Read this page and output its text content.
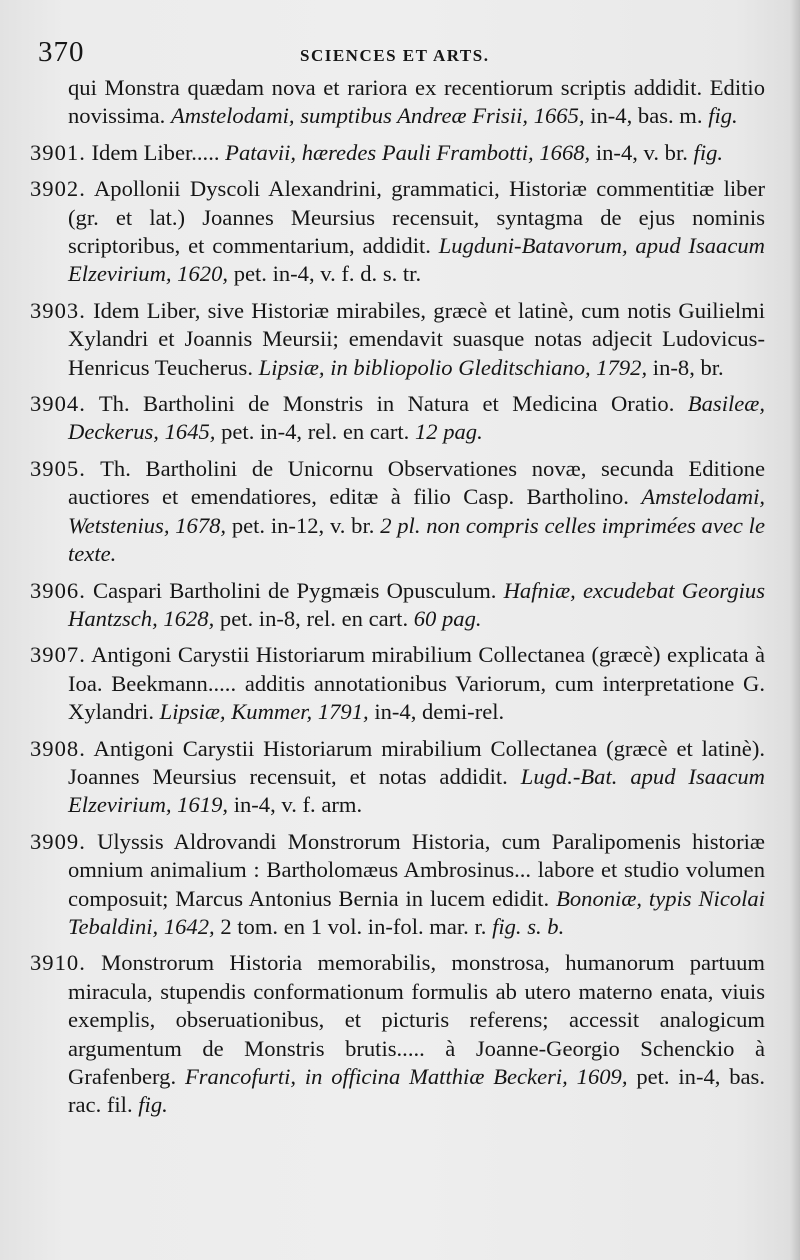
370	SCIENCES ET ARTS.

qui Monstra quædam nova et rariora ex recentiorum scriptis addidit. Editio novissima. Amstelodami, sumptibus Andreæ Frisii, 1665, in-4, bas. m. fig.

3901. Idem Liber..... Patavii, hæredes Pauli Frambotti, 1668, in-4, v. br. fig.

3902. Apollonii Dyscoli Alexandrini, grammatici, Historiæ commentitiæ liber (gr. et lat.) Joannes Meursius recensuit, syntagma de ejus nominis scriptoribus, et commentarium, addidit. Lugduni-Batavorum, apud Isaacum Elzevirium, 1620, pet. in-4, v. f. d. s. tr.

3903. Idem Liber, sive Historiæ mirabiles, græcè et latinè, cum notis Guilielmi Xylandri et Joannis Meursii; emendavit suasque notas adjecit Ludovicus-Henricus Teucherus. Lipsiæ, in bibliopolio Gleditschiano, 1792, in-8, br.

3904. Th. Bartholini de Monstris in Natura et Medicina Oratio. Basileæ, Deckerus, 1645, pet. in-4, rel. en cart. 12 pag.

3905. Th. Bartholini de Unicornu Observationes novæ, secunda Editione auctiores et emendatiores, editæ à filio Casp. Bartholino. Amstelodami, Wetstenius, 1678, pet. in-12, v. br. 2 pl. non compris celles imprimées avec le texte.

3906. Caspari Bartholini de Pygmæis Opusculum. Hafniæ, excudebat Georgius Hantzsch, 1628, pet. in-8, rel. en cart. 60 pag.

3907. Antigoni Carystii Historiarum mirabilium Collectanea (græcè) explicata à Ioa. Beekmann..... additis annotationibus Variorum, cum interpretatione G. Xylandri. Lipsiæ, Kummer, 1791, in-4, demi-rel.

3908. Antigoni Carystii Historiarum mirabilium Collectanea (græcè et latinè). Joannes Meursius recensuit, et notas addidit. Lugd.-Bat. apud Isaacum Elzevirium, 1619, in-4, v. f. arm.

3909. Ulyssis Aldrovandi Monstrorum Historia, cum Paralipomenis historiæ omnium animalium : Bartholomæus Ambrosinus... labore et studio volumen composuit; Marcus Antonius Bernia in lucem edidit. Bononiæ, typis Nicolai Tebaldini, 1642, 2 tom. en 1 vol. in-fol. mar. r. fig. s. b.

3910. Monstrorum Historia memorabilis, monstrosa, humanorum partuum miracula, stupendis conformationum formulis ab utero materno enata, viuis exemplis, obseruationibus, et picturis referens; accessit analogicum argumentum de Monstris brutis..... à Joanne-Georgio Schenckio à Grafenberg. Francofurti, in officina Matthiæ Beckeri, 1609, pet. in-4, bas. rac. fil. fig.
